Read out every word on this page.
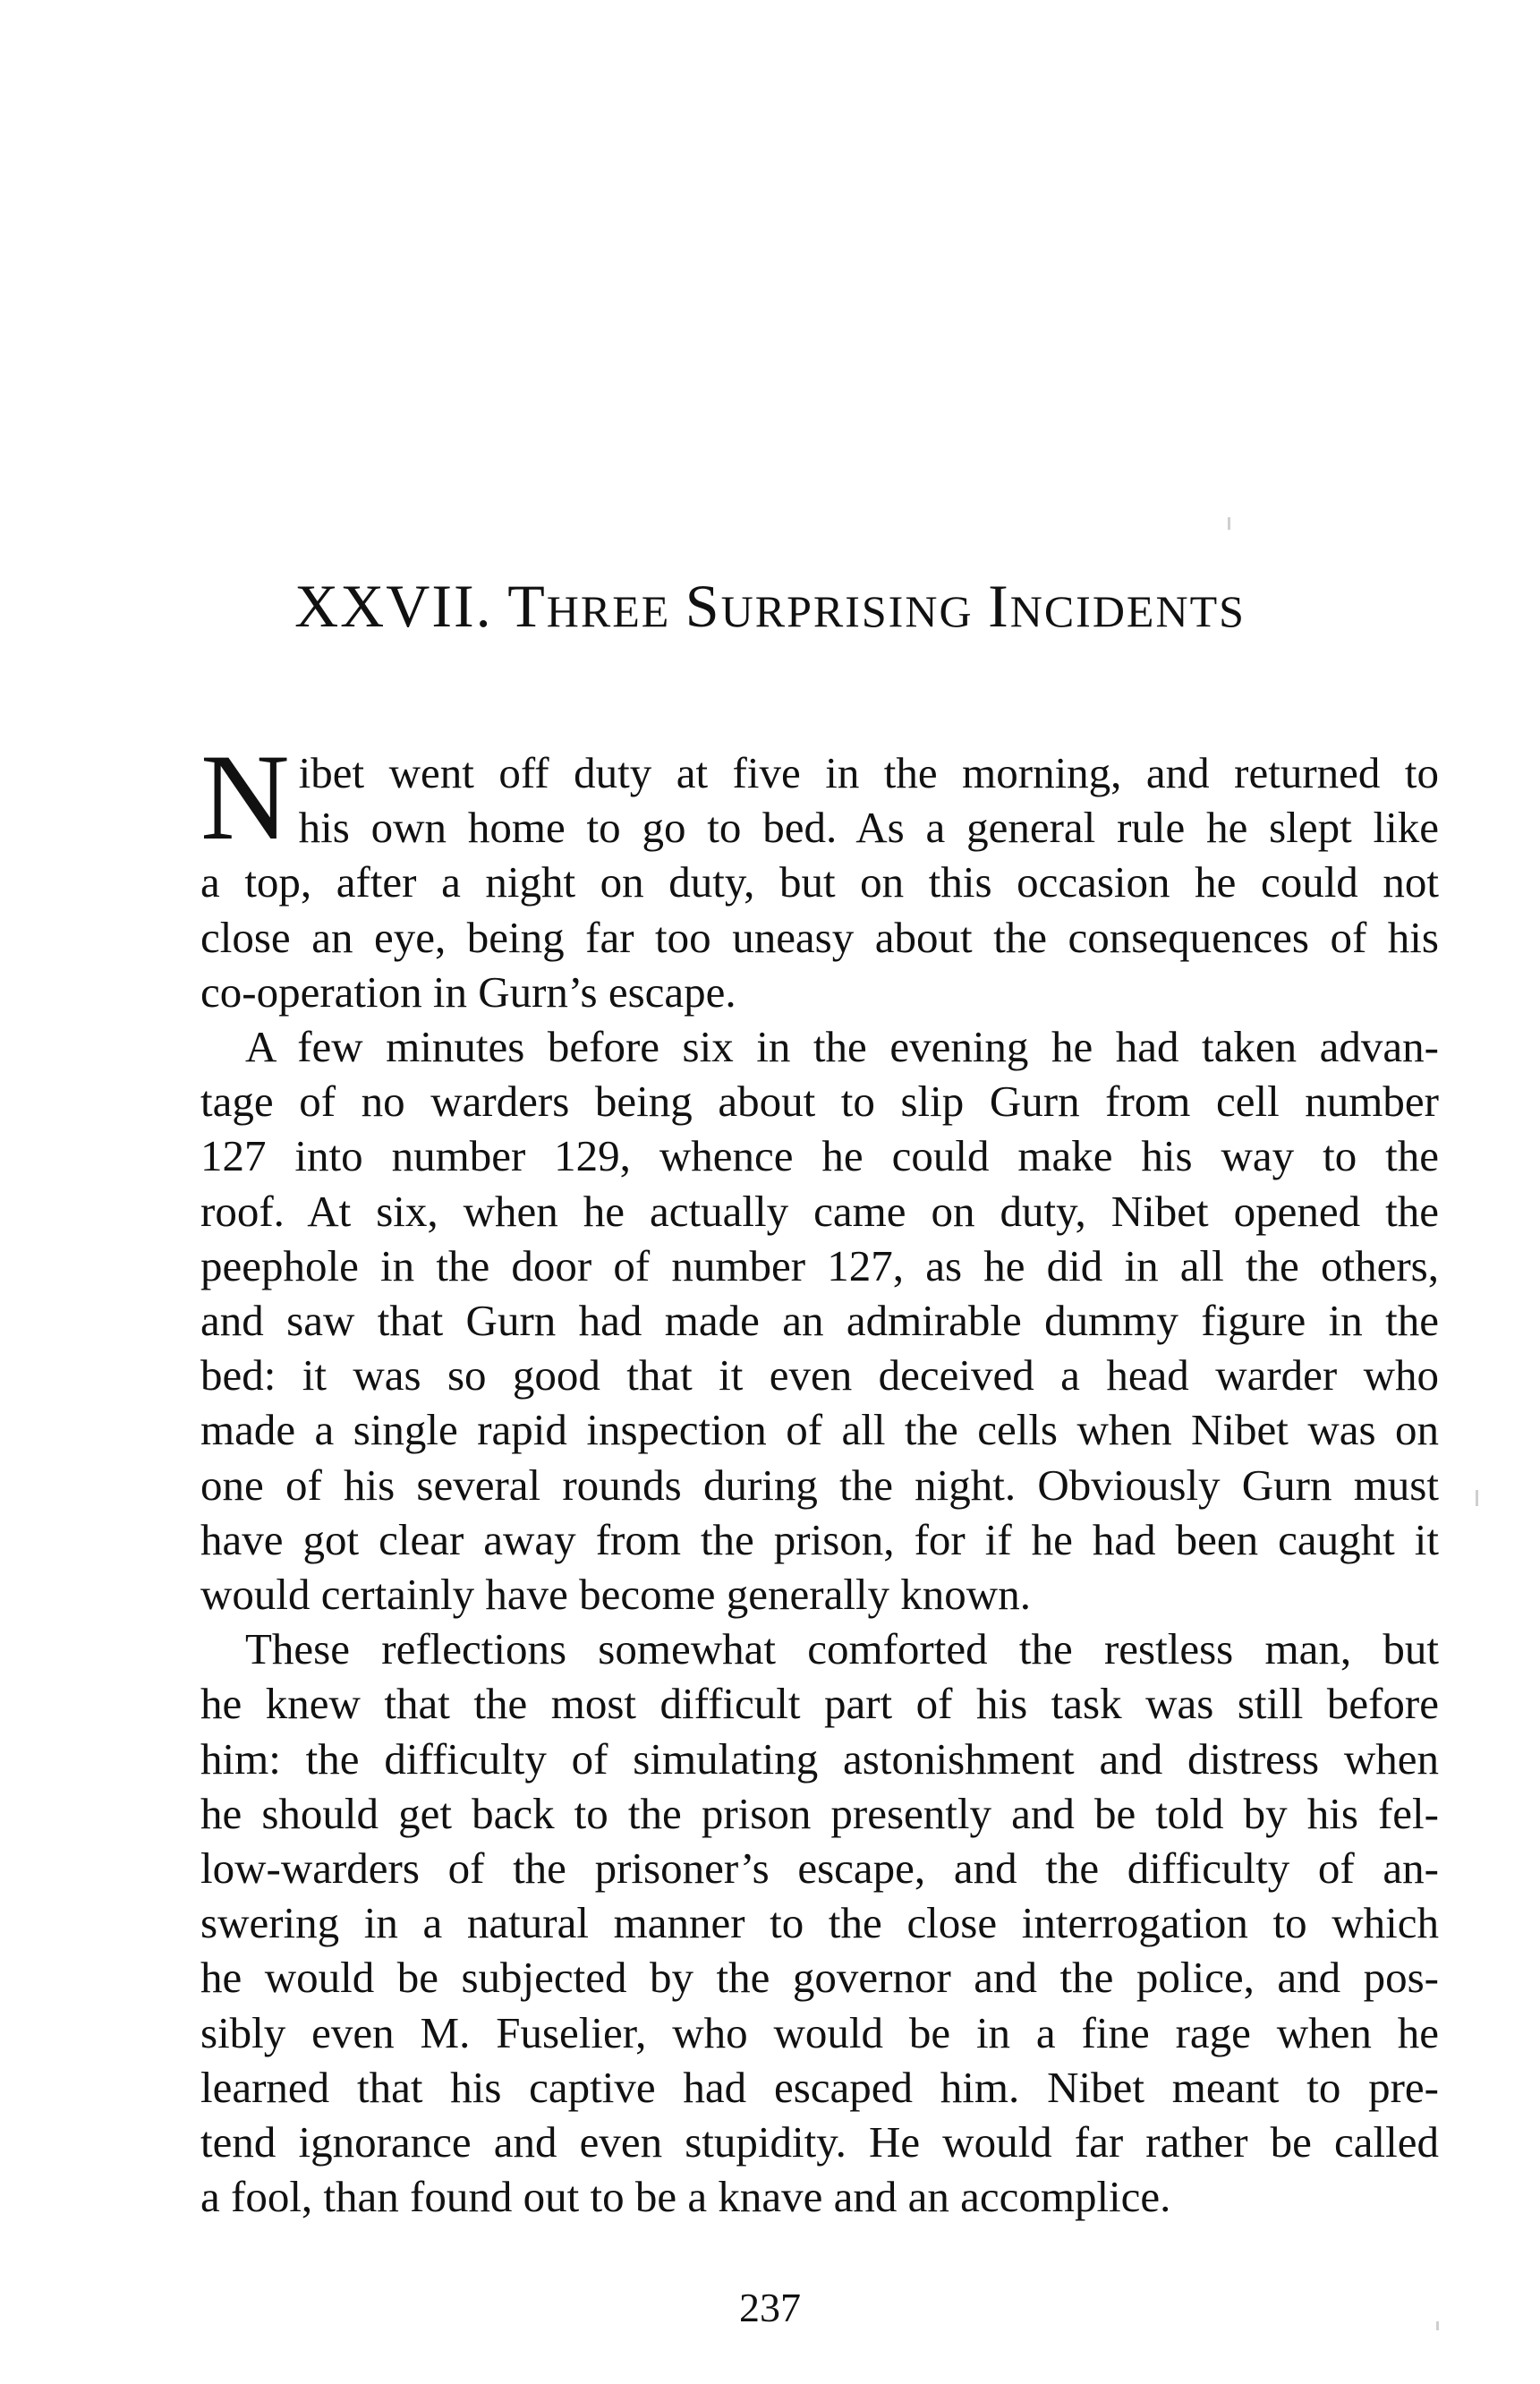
XXVII. THREE SURPRISING INCIDENTS
N ibet went off duty at five in the morning, and returned to
his own home to go to bed. As a general rule he slept like
a top, after a night on duty, but on this occasion he could not
close an eye, being far too uneasy about the consequences of his
co-operation in Gurn’s escape.
A few minutes before six in the evening he had taken advan-
tage of no warders being about to slip Gurn from cell number
127 into number 129, whence he could make his way to the
roof. At six, when he actually came on duty, Nibet opened the
peephole in the door of number 127, as he did in all the others,
and saw that Gurn had made an admirable dummy figure in the
bed: it was so good that it even deceived a head warder who
made a single rapid inspection of all the cells when Nibet was on
one of his several rounds during the night. Obviously Gurn must
have got clear away from the prison, for if he had been caught it
would certainly have become generally known.
These reflections somewhat comforted the restless man, but
he knew that the most difficult part of his task was still before
him: the difficulty of simulating astonishment and distress when
he should get back to the prison presently and be told by his fel-
low-warders of the prisoner’s escape, and the difficulty of an-
swering in a natural manner to the close interrogation to which
he would be subjected by the governor and the police, and pos-
sibly even M. Fuselier, who would be in a fine rage when he
learned that his captive had escaped him. Nibet meant to pre-
tend ignorance and even stupidity. He would far rather be called
a fool, than found out to be a knave and an accomplice.
237
